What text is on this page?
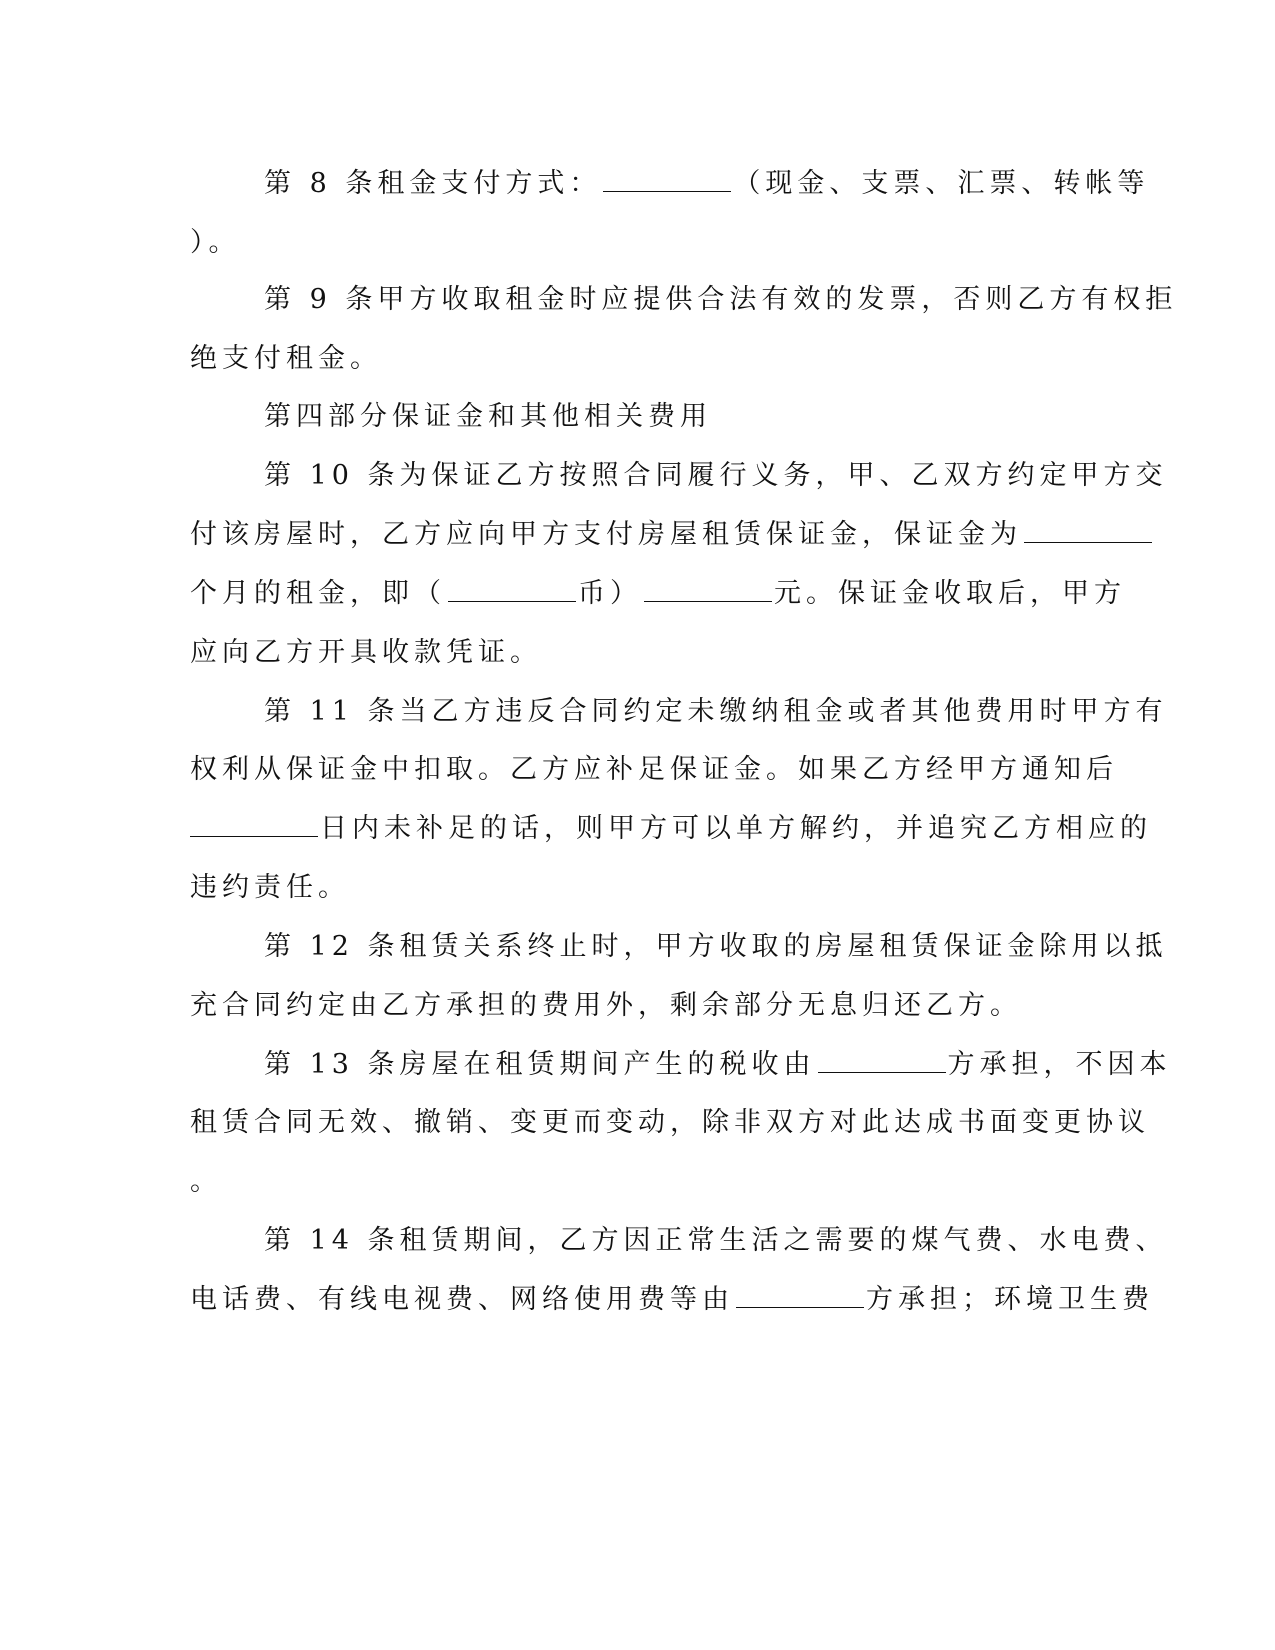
第 8 条租金支付方式：	（现金、支票、汇票、转帐等
）。
第 9 条甲方收取租金时应提供合法有效的发票，否则乙方有权拒
绝支付租金。
第四部分保证金和其他相关费用
第 10 条为保证乙方按照合同履行义务，甲、乙双方约定甲方交
付该房屋时，乙方应向甲方支付房屋租赁保证金，保证金为
个月的租金，即（	币）	元。保证金收取后，甲方
应向乙方开具收款凭证。
第 11 条当乙方违反合同约定未缴纳租金或者其他费用时甲方有
权利从保证金中扣取。乙方应补足保证金。如果乙方经甲方通知后
日内未补足的话，则甲方可以单方解约，并追究乙方相应的
违约责任。
第 12 条租赁关系终止时，甲方收取的房屋租赁保证金除用以抵
充合同约定由乙方承担的费用外，剩余部分无息归还乙方。
第 13 条房屋在租赁期间产生的税收由	方承担，不因本
租赁合同无效、撤销、变更而变动，除非双方对此达成书面变更协议
。
第 14 条租赁期间，乙方因正常生活之需要的煤气费、水电费、
电话费、有线电视费、网络使用费等由	方承担；环境卫生费
